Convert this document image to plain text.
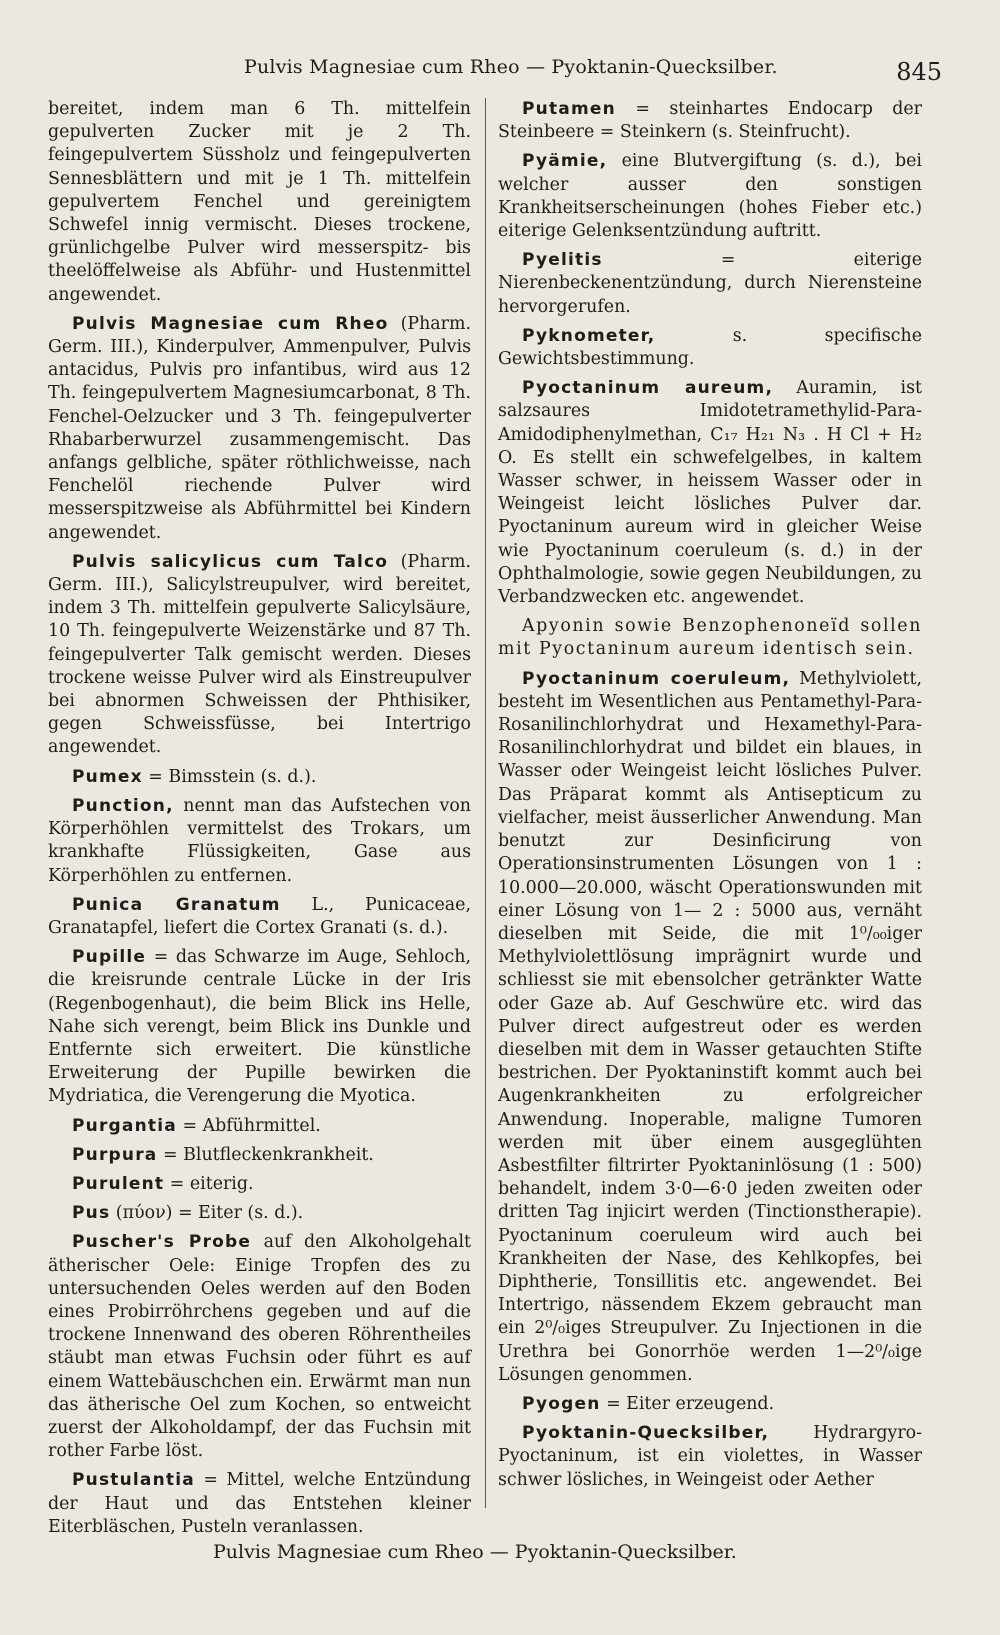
Pulvis Magnesiae cum Rheo — Pyoktanin-Quecksilber.	845

bereitet, indem man 6 Th. mittelfein gepulverten Zucker mit je 2 Th. feingepulvertem Süssholz und feingepulverten Sennesblättern und mit je 1 Th. mittelfein gepulvertem Fenchel und gereinigtem Schwefel innig vermischt. Dieses trockene, grünlichgelbe Pulver wird messerspitz- bis theelöffelweise als Abführ- und Hustenmittel angewendet.

Pulvis Magnesiae cum Rheo (Pharm. Germ. III.), Kinderpulver, Ammenpulver, Pulvis antacidus, Pulvis pro infantibus, wird aus 12 Th. feingepulvertem Magnesiumcarbonat, 8 Th. Fenchel-Oelzucker und 3 Th. feingepulverter Rhabarberwurzel zusammengemischt. Das anfangs gelbliche, später röthlichweisse, nach Fenchelöl riechende Pulver wird messerspitzweise als Abführmittel bei Kindern angewendet.

Pulvis salicylicus cum Talco (Pharm. Germ. III.), Salicylstreupulver, wird bereitet, indem 3 Th. mittelfein gepulverte Salicylsäure, 10 Th. feingepulverte Weizenstärke und 87 Th. feingepulverter Talk gemischt werden. Dieses trockene weisse Pulver wird als Einstreupulver bei abnormen Schweissen der Phthisiker, gegen Schweissfüsse, bei Intertrigo angewendet.

Pumex = Bimsstein (s. d.).

Punction, nennt man das Aufstechen von Körperhöhlen vermittelst des Trokars, um krankhafte Flüssigkeiten, Gase aus Körperhöhlen zu entfernen.

Punica Granatum L., Punicaceae, Granatapfel, liefert die Cortex Granati (s. d.).

Pupille = das Schwarze im Auge, Sehloch, die kreisrunde centrale Lücke in der Iris (Regenbogenhaut), die beim Blick ins Helle, Nahe sich verengt, beim Blick ins Dunkle und Entfernte sich erweitert. Die künstliche Erweiterung der Pupille bewirken die Mydriatica, die Verengerung die Myotica.

Purgantia = Abführmittel.

Purpura = Blutfleckenkrankheit.

Purulent = eiterig.

Pus (πύον) = Eiter (s. d.).

Puscher's Probe auf den Alkoholgehalt ätherischer Oele: Einige Tropfen des zu untersuchenden Oeles werden auf den Boden eines Probirröhrchens gegeben und auf die trockene Innenwand des oberen Röhrentheiles stäubt man etwas Fuchsin oder führt es auf einem Wattebäuschchen ein. Erwärmt man nun das ätherische Oel zum Kochen, so entweicht zuerst der Alkoholdampf, der das Fuchsin mit rother Farbe löst.

Pustulantia = Mittel, welche Entzündung der Haut und das Entstehen kleiner Eiterbläschen, Pusteln veranlassen.

Putamen = steinhartes Endocarp der Steinbeere = Steinkern (s. Steinfrucht).

Pyämie, eine Blutvergiftung (s. d.), bei welcher ausser den sonstigen Krankheitserscheinungen (hohes Fieber etc.) eiterige Gelenksentzündung auftritt.

Pyelitis = eiterige Nierenbeckenentzündung, durch Nierensteine hervorgerufen.

Pyknometer, s. specifische Gewichtsbestimmung.

Pyoctaninum aureum, Auramin, ist salzsaures Imidotetramethylid-Para-Amidodiphenylmethan, C₁₇ H₂₁ N₃ . H Cl + H₂ O. Es stellt ein schwefelgelbes, in kaltem Wasser schwer, in heissem Wasser oder in Weingeist leicht lösliches Pulver dar. Pyoctaninum aureum wird in gleicher Weise wie Pyoctaninum coeruleum (s. d.) in der Ophthalmologie, sowie gegen Neubildungen, zu Verbandzwecken etc. angewendet.

Apyonin sowie Benzophenoneïd sollen mit Pyoctaninum aureum identisch sein.

Pyoctaninum coeruleum, Methylviolett, besteht im Wesentlichen aus Pentamethyl-Para-Rosanilinchlorhydrat und Hexamethyl-Para-Rosanilinchlorhydrat und bildet ein blaues, in Wasser oder Weingeist leicht lösliches Pulver. Das Präparat kommt als Antisepticum zu vielfacher, meist äusserlicher Anwendung. Man benutzt zur Desinficirung von Operationsinstrumenten Lösungen von 1 : 10.000—20.000, wäscht Operationswunden mit einer Lösung von 1— 2 : 5000 aus, vernäht dieselben mit Seide, die mit 1⁰/₀₀iger Methylviolettlösung imprägnirt wurde und schliesst sie mit ebensolcher getränkter Watte oder Gaze ab. Auf Geschwüre etc. wird das Pulver direct aufgestreut oder es werden dieselben mit dem in Wasser getauchten Stifte bestrichen. Der Pyoktaninstift kommt auch bei Augenkrankheiten zu erfolgreicher Anwendung. Inoperable, maligne Tumoren werden mit über einem ausgeglühten Asbestfilter filtrirter Pyoktaninlösung (1 : 500) behandelt, indem 3·0—6·0 jeden zweiten oder dritten Tag injicirt werden (Tinctionstherapie). Pyoctaninum coeruleum wird auch bei Krankheiten der Nase, des Kehlkopfes, bei Diphtherie, Tonsillitis etc. angewendet. Bei Intertrigo, nässendem Ekzem gebraucht man ein 2⁰/₀iges Streupulver. Zu Injectionen in die Urethra bei Gonorrhöe werden 1—2⁰/₀ige Lösungen genommen.

Pyogen = Eiter erzeugend.

Pyoktanin-Quecksilber, Hydrargyro-Pyoctaninum, ist ein violettes, in Wasser schwer lösliches, in Weingeist oder Aether

Pulvis Magnesiae cum Rheo — Pyoktanin-Quecksilber.
